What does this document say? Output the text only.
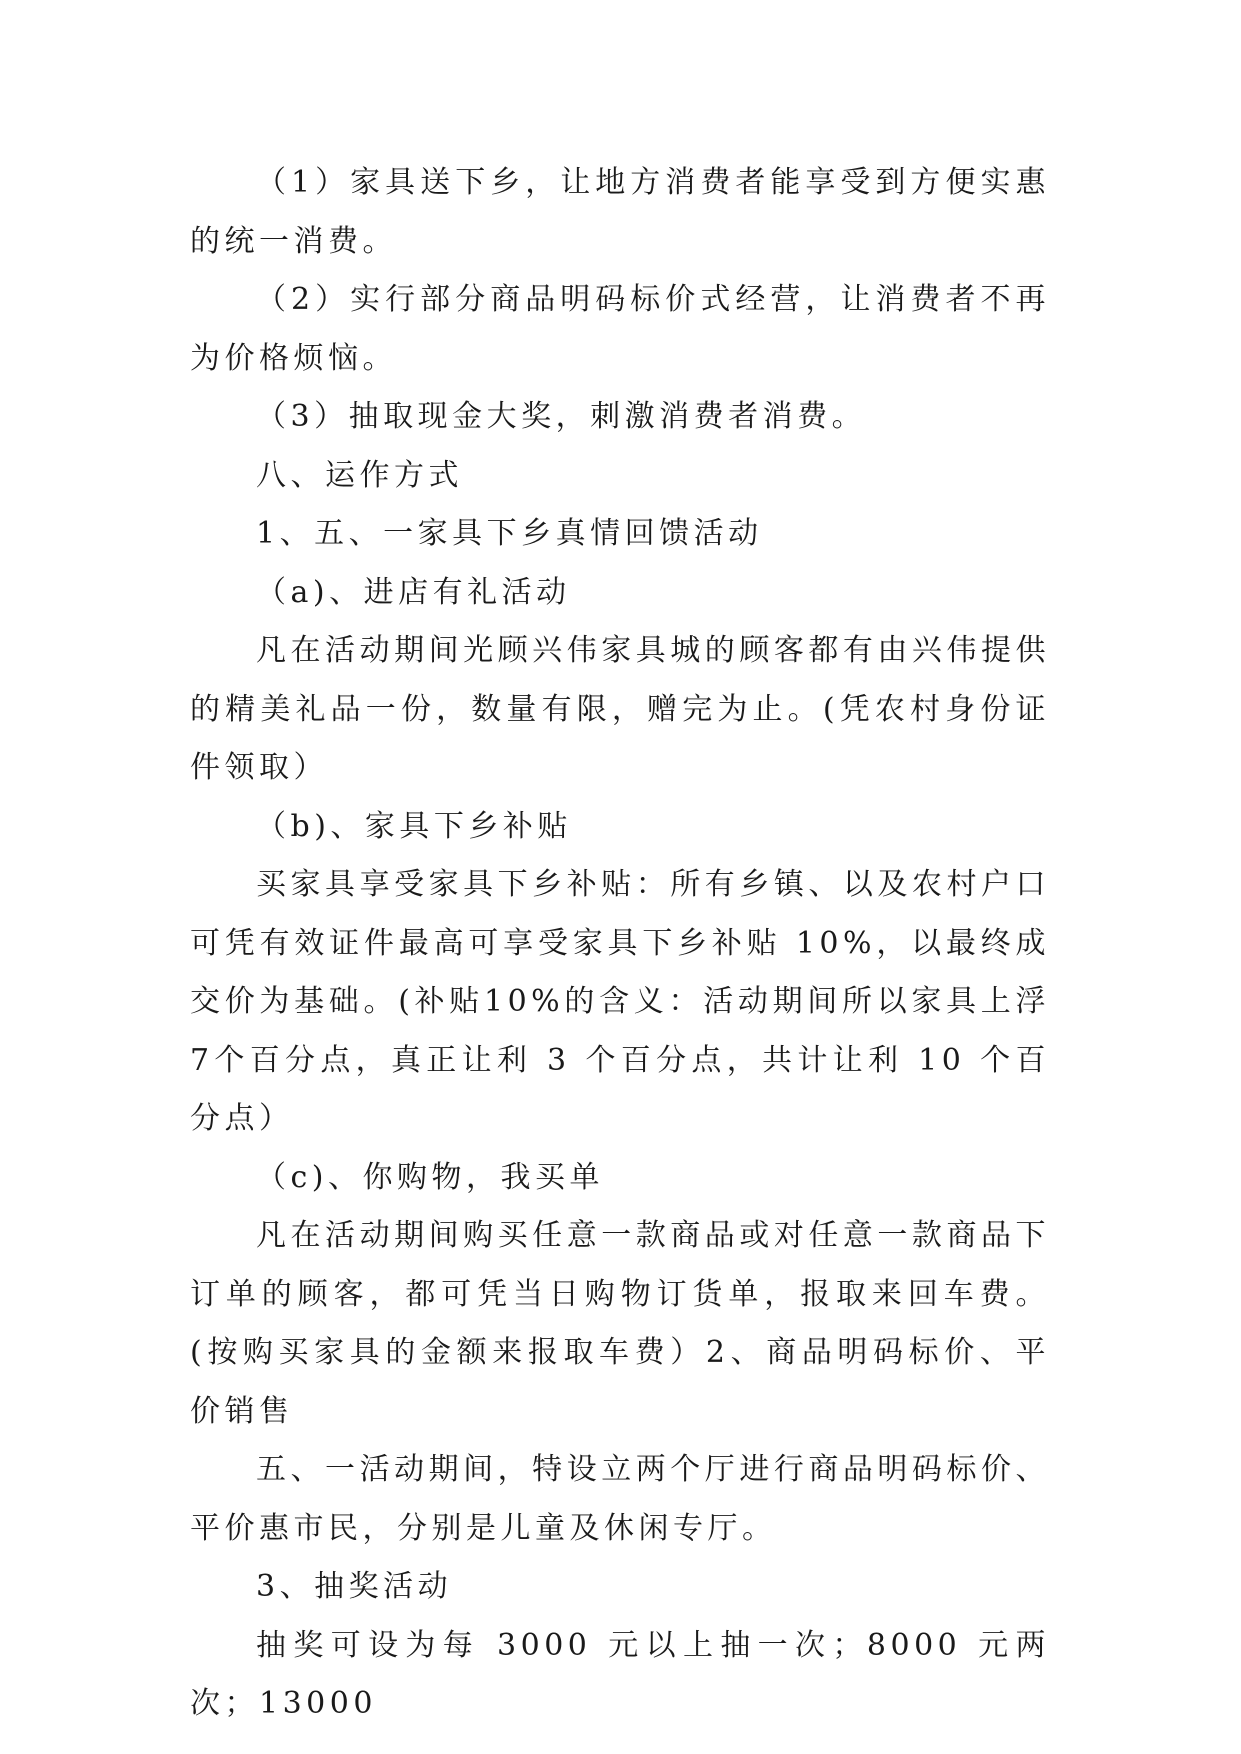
（1）家具送下乡，让地方消费者能享受到方便实惠的统一消费。

（2）实行部分商品明码标价式经营，让消费者不再为价格烦恼。

（3）抽取现金大奖，刺激消费者消费。

八、运作方式

1、五、一家具下乡真情回馈活动

（a)、进店有礼活动

凡在活动期间光顾兴伟家具城的顾客都有由兴伟提供的精美礼品一份，数量有限，赠完为止。(凭农村身份证件领取）

（b)、家具下乡补贴

买家具享受家具下乡补贴：所有乡镇、以及农村户口可凭有效证件最高可享受家具下乡补贴 10%，以最终成交价为基础。(补贴10%的含义：活动期间所以家具上浮7个百分点，真正让利 3 个百分点，共计让利 10 个百分点）

（c)、你购物，我买单

凡在活动期间购买任意一款商品或对任意一款商品下订单的顾客，都可凭当日购物订货单，报取来回车费。(按购买家具的金额来报取车费）2、商品明码标价、平价销售

五、一活动期间，特设立两个厅进行商品明码标价、平价惠市民，分别是儿童及休闲专厅。

3、抽奖活动

抽奖可设为每 3000 元以上抽一次；8000 元两次；13000
